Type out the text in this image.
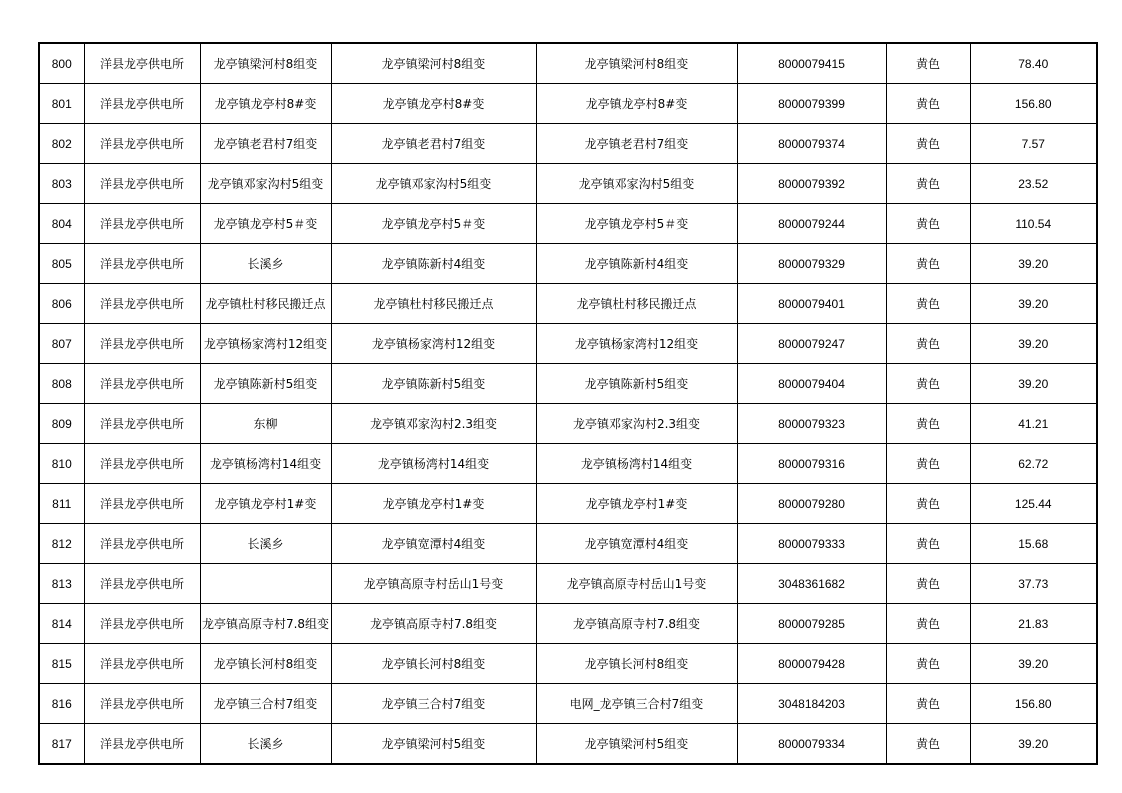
800	洋县龙亭供电所	龙亭镇梁河村8组变	龙亭镇梁河村8组变	龙亭镇梁河村8组变	8000079415	黄色	78.40
801	洋县龙亭供电所	龙亭镇龙亭村8#变	龙亭镇龙亭村8#变	龙亭镇龙亭村8#变	8000079399	黄色	156.80
802	洋县龙亭供电所	龙亭镇老君村7组变	龙亭镇老君村7组变	龙亭镇老君村7组变	8000079374	黄色	7.57
803	洋县龙亭供电所	龙亭镇邓家沟村5组变	龙亭镇邓家沟村5组变	龙亭镇邓家沟村5组变	8000079392	黄色	23.52
804	洋县龙亭供电所	龙亭镇龙亭村5＃变	龙亭镇龙亭村5＃变	龙亭镇龙亭村5＃变	8000079244	黄色	110.54
805	洋县龙亭供电所	长溪乡	龙亭镇陈新村4组变	龙亭镇陈新村4组变	8000079329	黄色	39.20
806	洋县龙亭供电所	龙亭镇杜村移民搬迁点	龙亭镇杜村移民搬迁点	龙亭镇杜村移民搬迁点	8000079401	黄色	39.20
807	洋县龙亭供电所	龙亭镇杨家湾村12组变	龙亭镇杨家湾村12组变	龙亭镇杨家湾村12组变	8000079247	黄色	39.20
808	洋县龙亭供电所	龙亭镇陈新村5组变	龙亭镇陈新村5组变	龙亭镇陈新村5组变	8000079404	黄色	39.20
809	洋县龙亭供电所	东柳	龙亭镇邓家沟村2.3组变	龙亭镇邓家沟村2.3组变	8000079323	黄色	41.21
810	洋县龙亭供电所	龙亭镇杨湾村14组变	龙亭镇杨湾村14组变	龙亭镇杨湾村14组变	8000079316	黄色	62.72
811	洋县龙亭供电所	龙亭镇龙亭村1#变	龙亭镇龙亭村1#变	龙亭镇龙亭村1#变	8000079280	黄色	125.44
812	洋县龙亭供电所	长溪乡	龙亭镇宽潭村4组变	龙亭镇宽潭村4组变	8000079333	黄色	15.68
813	洋县龙亭供电所		龙亭镇高原寺村岳山1号变	龙亭镇高原寺村岳山1号变	3048361682	黄色	37.73
814	洋县龙亭供电所	龙亭镇高原寺村7.8组变	龙亭镇高原寺村7.8组变	龙亭镇高原寺村7.8组变	8000079285	黄色	21.83
815	洋县龙亭供电所	龙亭镇长河村8组变	龙亭镇长河村8组变	龙亭镇长河村8组变	8000079428	黄色	39.20
816	洋县龙亭供电所	龙亭镇三合村7组变	龙亭镇三合村7组变	电网_龙亭镇三合村7组变	3048184203	黄色	156.80
817	洋县龙亭供电所	长溪乡	龙亭镇梁河村5组变	龙亭镇梁河村5组变	8000079334	黄色	39.20
